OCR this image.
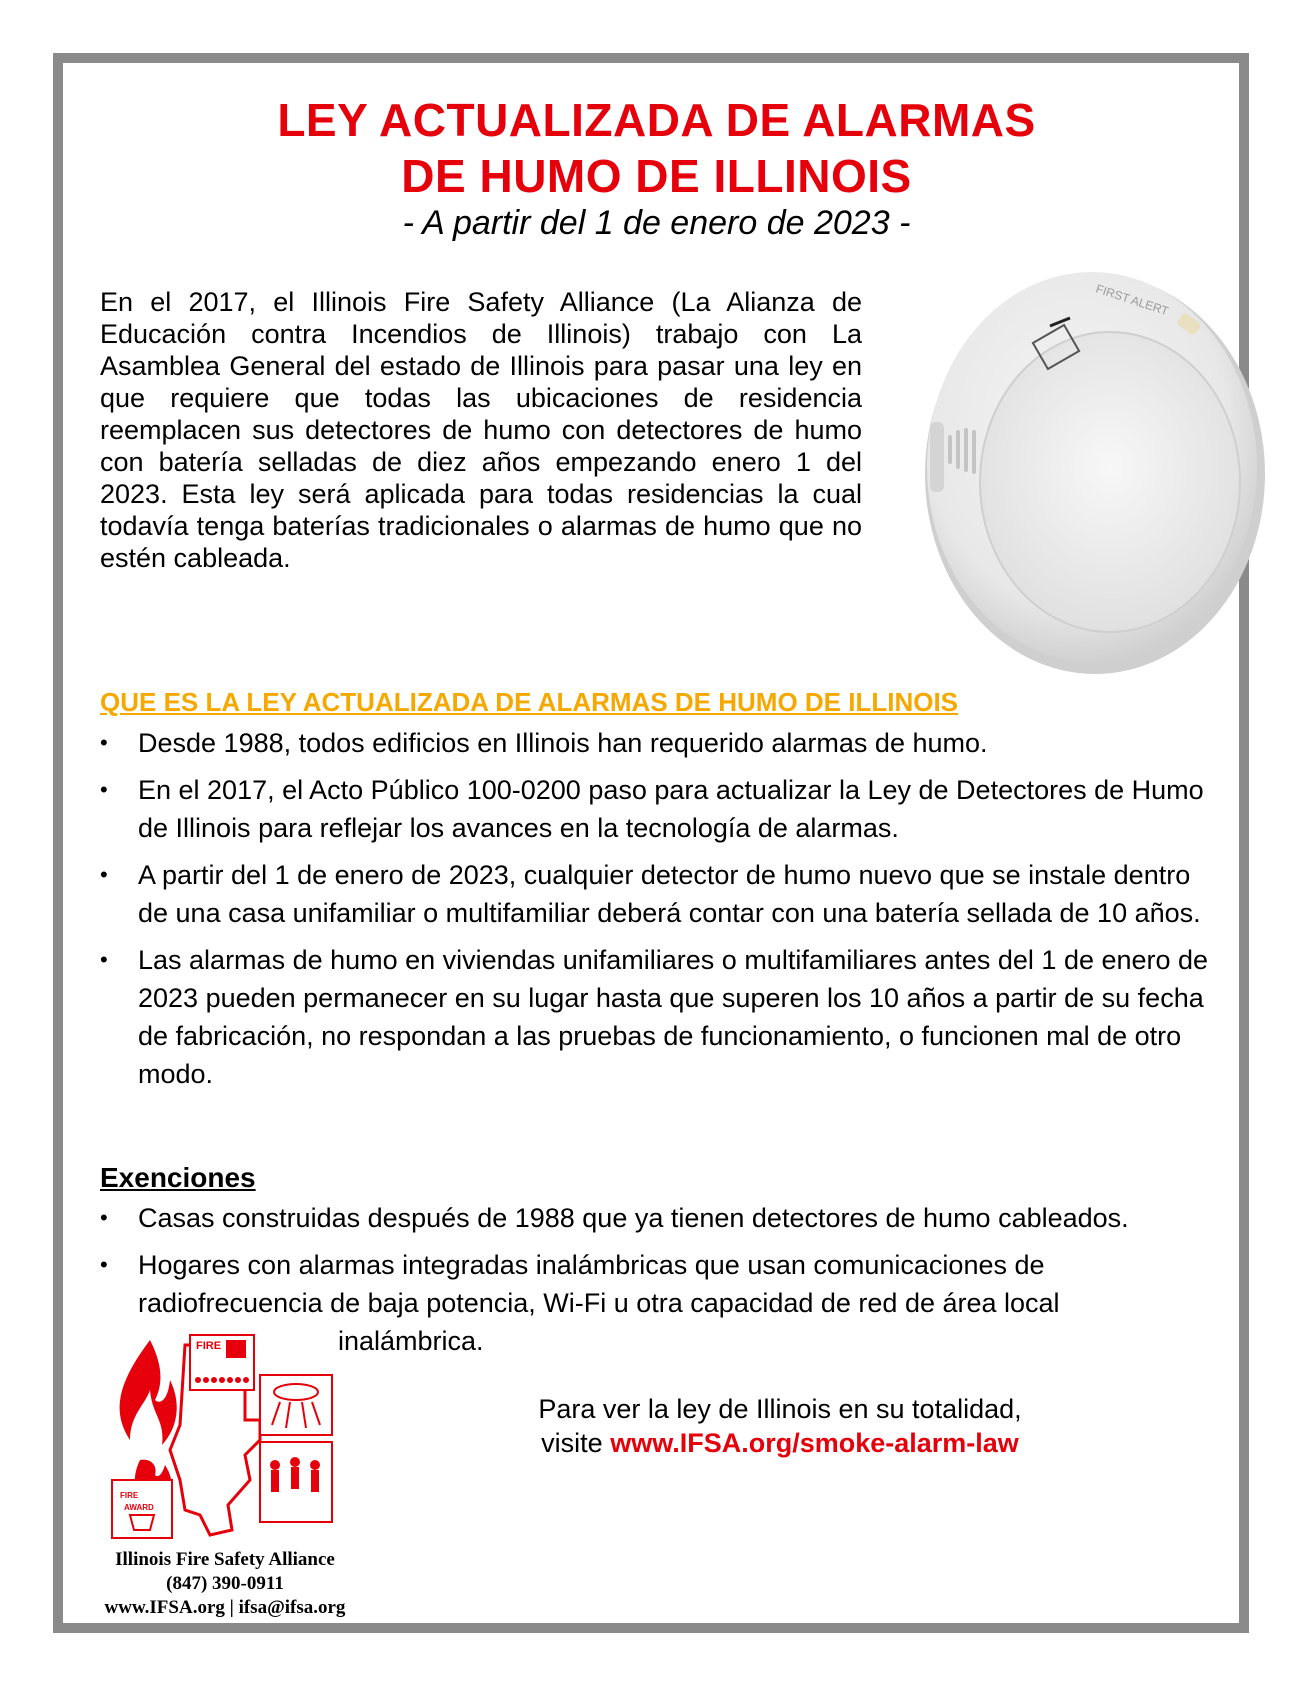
LEY ACTUALIZADA DE ALARMAS
DE HUMO DE ILLINOIS
- A partir del 1 de enero de 2023 -

En el 2017, el Illinois Fire Safety Alliance (La Alianza de Educación contra Incendios de Illinois) trabajo con La Asamblea General del estado de Illinois para pasar una ley en que requiere que todas las ubicaciones de residencia reemplacen sus detectores de humo con detectores de humo con batería selladas de diez años empezando enero 1 del 2023. Esta ley será aplicada para todas residencias la cual todavía tenga baterías tradicionales o alarmas de humo que no estén cableada.

FIRST ALERT

QUE ES LA LEY ACTUALIZADA DE ALARMAS DE HUMO DE ILLINOIS

• Desde 1988, todos edificios en Illinois han requerido alarmas de humo.
• En el 2017, el Acto Público 100-0200 paso para actualizar la Ley de Detectores de Humo de Illinois para reflejar los avances en la tecnología de alarmas.
• A partir del 1 de enero de 2023, cualquier detector de humo nuevo que se instale dentro de una casa unifamiliar o multifamiliar deberá contar con una batería sellada de 10 años.
• Las alarmas de humo en viviendas unifamiliares o multifamiliares antes del 1 de enero de 2023 pueden permanecer en su lugar hasta que superen los 10 años a partir de su fecha de fabricación, no respondan a las pruebas de funcionamiento, o funcionen mal de otro modo.

Exenciones

• Casas construidas después de 1988 que ya tienen detectores de humo cableados.
• Hogares con alarmas integradas inalámbricas que usan comunicaciones de radiofrecuencia de baja potencia, Wi-Fi u otra capacidad de red de área local
inalámbrica.
FIRE
FIRE
AWARD
Illinois Fire Safety Alliance
(847) 390-0911
www.IFSA.org | ifsa@ifsa.org
Para ver la ley de Illinois en su totalidad,
visite www.IFSA.org/smoke-alarm-law
